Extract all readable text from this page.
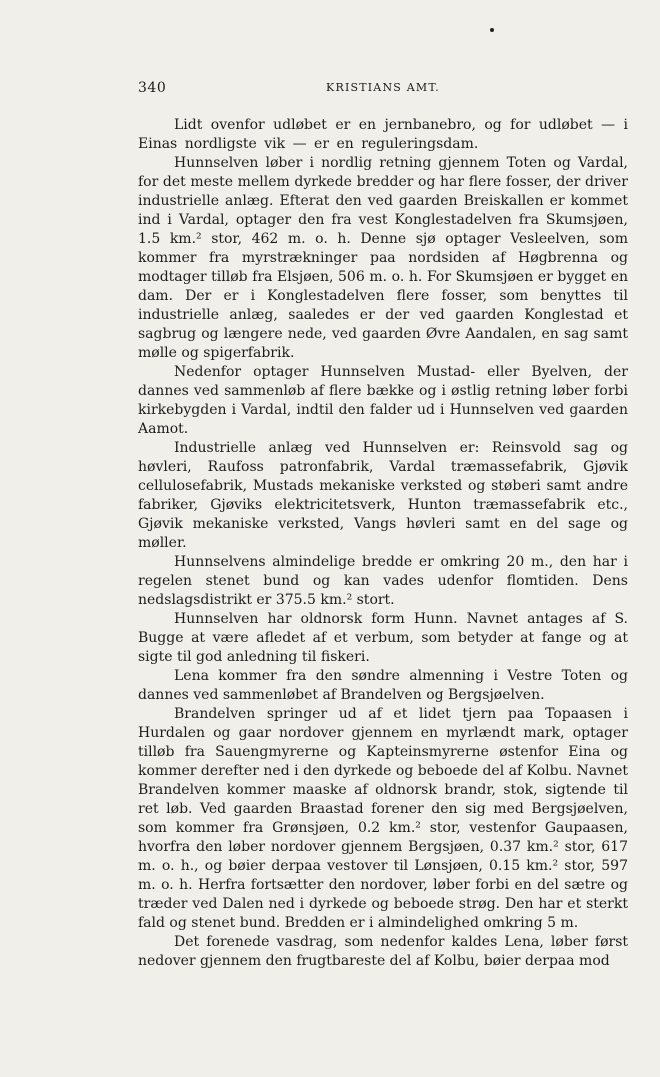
340	KRISTIANS AMT.

Lidt ovenfor udløbet er en jernbanebro, og for udløbet — i Einas nordligste vik — er en reguleringsdam.

Hunnselven løber i nordlig retning gjennem Toten og Vardal, for det meste mellem dyrkede bredder og har flere fosser, der driver industrielle anlæg. Efterat den ved gaarden Breiskallen er kommet ind i Vardal, optager den fra vest Konglestadelven fra Skumsjøen, 1.5 km.² stor, 462 m. o. h. Denne sjø optager Vesleelven, som kommer fra myrstrækninger paa nordsiden af Høgbrenna og modtager tilløb fra Elsjøen, 506 m. o. h. For Skumsjøen er bygget en dam. Der er i Konglestadelven flere fosser, som benyttes til industrielle anlæg, saaledes er der ved gaarden Konglestad et sagbrug og længere nede, ved gaarden Øvre Aandalen, en sag samt mølle og spigerfabrik.

Nedenfor optager Hunnselven Mustad- eller Byelven, der dannes ved sammenløb af flere bække og i østlig retning løber forbi kirkebygden i Vardal, indtil den falder ud i Hunnselven ved gaarden Aamot.

Industrielle anlæg ved Hunnselven er: Reinsvold sag og høvleri, Raufoss patronfabrik, Vardal træmassefabrik, Gjøvik cellulosefabrik, Mustads mekaniske verksted og støberi samt andre fabriker, Gjøviks elektricitetsverk, Hunton træmassefabrik etc., Gjøvik mekaniske verksted, Vangs høvleri samt en del sage og møller.

Hunnselvens almindelige bredde er omkring 20 m., den har i regelen stenet bund og kan vades udenfor flomtiden. Dens nedslagsdistrikt er 375.5 km.² stort.

Hunnselven har oldnorsk form Hunn. Navnet antages af S. Bugge at være afledet af et verbum, som betyder at fange og at sigte til god anledning til fiskeri.

Lena kommer fra den søndre almenning i Vestre Toten og dannes ved sammenløbet af Brandelven og Bergsjøelven.

Brandelven springer ud af et lidet tjern paa Topaasen i Hurdalen og gaar nordover gjennem en myrlændt mark, optager tilløb fra Sauengmyrerne og Kapteinsmyrerne østenfor Eina og kommer derefter ned i den dyrkede og beboede del af Kolbu. Navnet Brandelven kommer maaske af oldnorsk brandr, stok, sigtende til ret løb. Ved gaarden Braastad forener den sig med Bergsjøelven, som kommer fra Grønsjøen, 0.2 km.² stor, vestenfor Gaupaasen, hvorfra den løber nordover gjennem Bergsjøen, 0.37 km.² stor, 617 m. o. h., og bøier derpaa vestover til Lønsjøen, 0.15 km.² stor, 597 m. o. h. Herfra fortsætter den nordover, løber forbi en del sætre og træder ved Dalen ned i dyrkede og beboede strøg. Den har et sterkt fald og stenet bund. Bredden er i almindelighed omkring 5 m.

Det forenede vasdrag, som nedenfor kaldes Lena, løber først nedover gjennem den frugtbareste del af Kolbu, bøier derpaa mod
